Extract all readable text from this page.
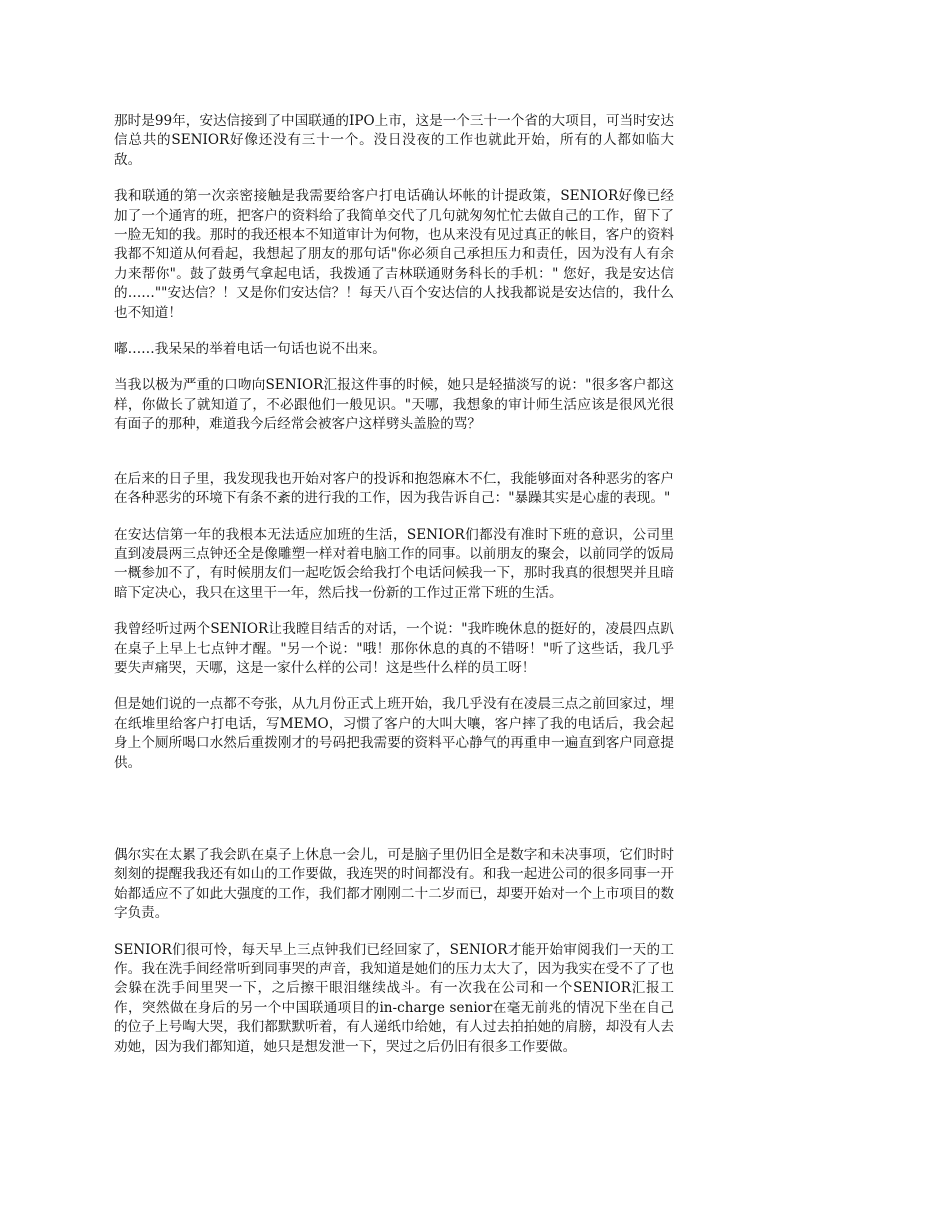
那时是99年，安达信接到了中国联通的IPO上市，这是一个三十一个省的大项目，可当时安达信总共的SENIOR好像还没有三十一个。没日没夜的工作也就此开始，所有的人都如临大敌。

我和联通的第一次亲密接触是我需要给客户打电话确认坏帐的计提政策，SENIOR好像已经加了一个通宵的班，把客户的资料给了我简单交代了几句就匆匆忙忙去做自己的工作，留下了一脸无知的我。那时的我还根本不知道审计为何物，也从来没有见过真正的帐目，客户的资料我都不知道从何看起，我想起了朋友的那句话"你必须自己承担压力和责任，因为没有人有余力来帮你"。鼓了鼓勇气拿起电话，我拨通了吉林联通财务科长的手机：" 您好，我是安达信的……""安达信？！又是你们安达信？！每天八百个安达信的人找我都说是安达信的，我什么也不知道！

嘟……我呆呆的举着电话一句话也说不出来。

当我以极为严重的口吻向SENIOR汇报这件事的时候，她只是轻描淡写的说："很多客户都这样，你做长了就知道了，不必跟他们一般见识。"天哪，我想象的审计师生活应该是很风光很有面子的那种，难道我今后经常会被客户这样劈头盖脸的骂？

在后来的日子里，我发现我也开始对客户的投诉和抱怨麻木不仁，我能够面对各种恶劣的客户在各种恶劣的环境下有条不紊的进行我的工作，因为我告诉自己："暴躁其实是心虚的表现。"

在安达信第一年的我根本无法适应加班的生活，SENIOR们都没有准时下班的意识，公司里直到凌晨两三点钟还全是像雕塑一样对着电脑工作的同事。以前朋友的聚会，以前同学的饭局一概参加不了，有时候朋友们一起吃饭会给我打个电话问候我一下，那时我真的很想哭并且暗暗下定决心，我只在这里干一年，然后找一份新的工作过正常下班的生活。

我曾经听过两个SENIOR让我瞠目结舌的对话，一个说："我昨晚休息的挺好的，凌晨四点趴在桌子上早上七点钟才醒。"另一个说："哦！那你休息的真的不错呀！"听了这些话，我几乎要失声痛哭，天哪，这是一家什么样的公司！这是些什么样的员工呀！

但是她们说的一点都不夸张，从九月份正式上班开始，我几乎没有在凌晨三点之前回家过，埋在纸堆里给客户打电话，写MEMO，习惯了客户的大叫大嚷，客户摔了我的电话后，我会起身上个厕所喝口水然后重拨刚才的号码把我需要的资料平心静气的再重申一遍直到客户同意提供。

偶尔实在太累了我会趴在桌子上休息一会儿，可是脑子里仍旧全是数字和未决事项，它们时时刻刻的提醒我我还有如山的工作要做，我连哭的时间都没有。和我一起进公司的很多同事一开始都适应不了如此大强度的工作，我们都才刚刚二十二岁而已，却要开始对一个上市项目的数字负责。

SENIOR们很可怜，每天早上三点钟我们已经回家了，SENIOR才能开始审阅我们一天的工作。我在洗手间经常听到同事哭的声音，我知道是她们的压力太大了，因为我实在受不了了也会躲在洗手间里哭一下，之后擦干眼泪继续战斗。有一次我在公司和一个SENIOR汇报工作，突然做在身后的另一个中国联通项目的in-charge senior在毫无前兆的情况下坐在自己的位子上号啕大哭，我们都默默听着，有人递纸巾给她，有人过去拍拍她的肩膀，却没有人去劝她，因为我们都知道，她只是想发泄一下，哭过之后仍旧有很多工作要做。
